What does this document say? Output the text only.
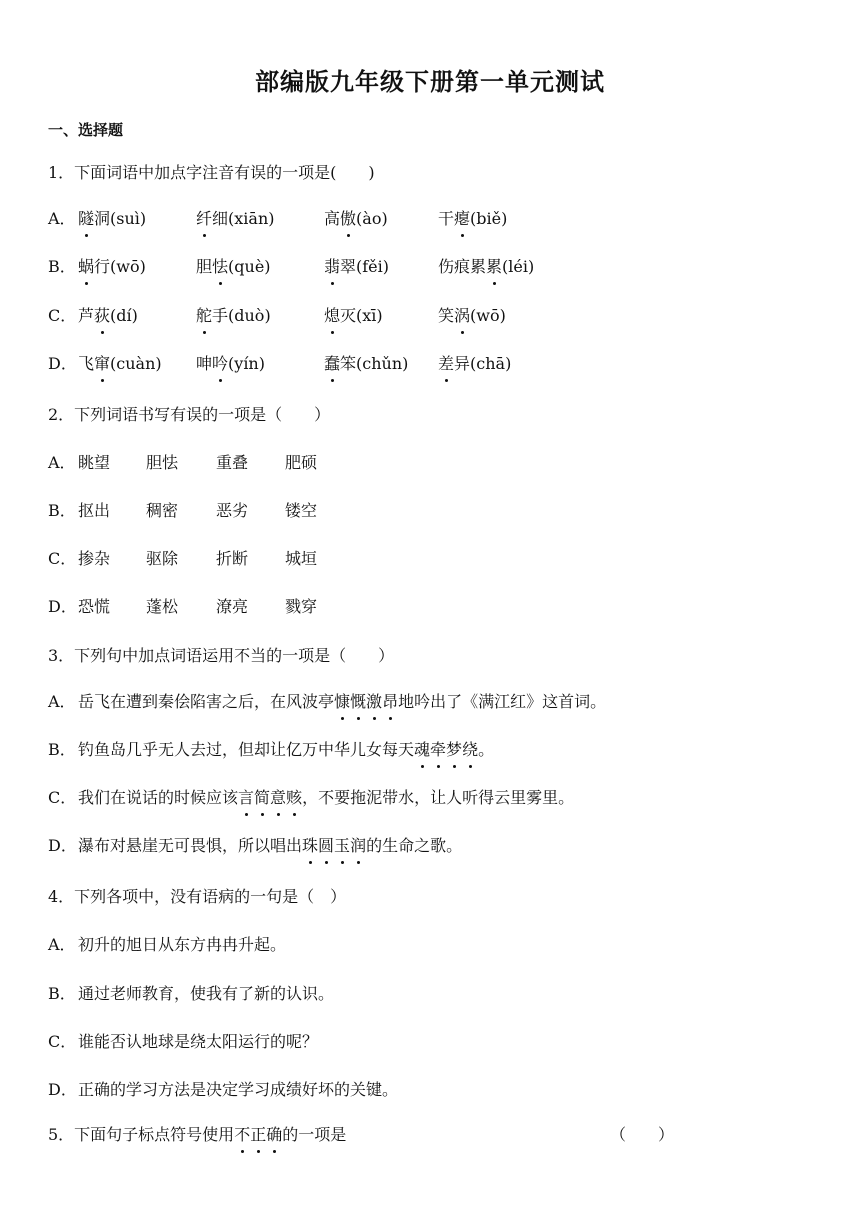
部编版九年级下册第一单元测试
一、选择题
1．下面词语中加点字注音有误的一项是(　　)
A． 隧洞(suì)	纤细(xiān)	高傲(ào)	干瘪(biě)
B． 蜗行(wō)	胆怯(què)	翡翠(fěi)	伤痕累累(léi)
C． 芦荻(dí)	舵手(duò)	熄灭(xī)	笑涡(wō)
D． 飞窜(cuàn) 呻吟(yín)	蠢笨(chǔn) 差异(chā)
2．下列词语书写有误的一项是（　　）
A． 眺望 胆怯 重叠 肥硕
B． 抠出 稠密 恶劣 镂空
C． 掺杂 驱除 折断 城垣
D． 恐慌 蓬松 潦亮 戮穿
3．下列句中加点词语运用不当的一项是（　　）
A． 岳飞在遭到秦侩陷害之后，在风波亭慷慨激昂地吟出了《满江红》这首词。
B． 钓鱼岛几乎无人去过，但却让亿万中华儿女每天魂牵梦绕。
C． 我们在说话的时候应该言简意赅，不要拖泥带水，让人听得云里雾里。
D．瀑布对悬崖无可畏惧，所以唱出珠圆玉润的生命之歌。
4．下列各项中，没有语病的一句是（　）
A． 初升的旭日从东方冉冉升起。
B． 通过老师教育，使我有了新的认识。
C． 谁能否认地球是绕太阳运行的呢？
D．正确的学习方法是决定学习成绩好坏的关键。
5．下面句子标点符号使用不正确的一项是	（　　）
